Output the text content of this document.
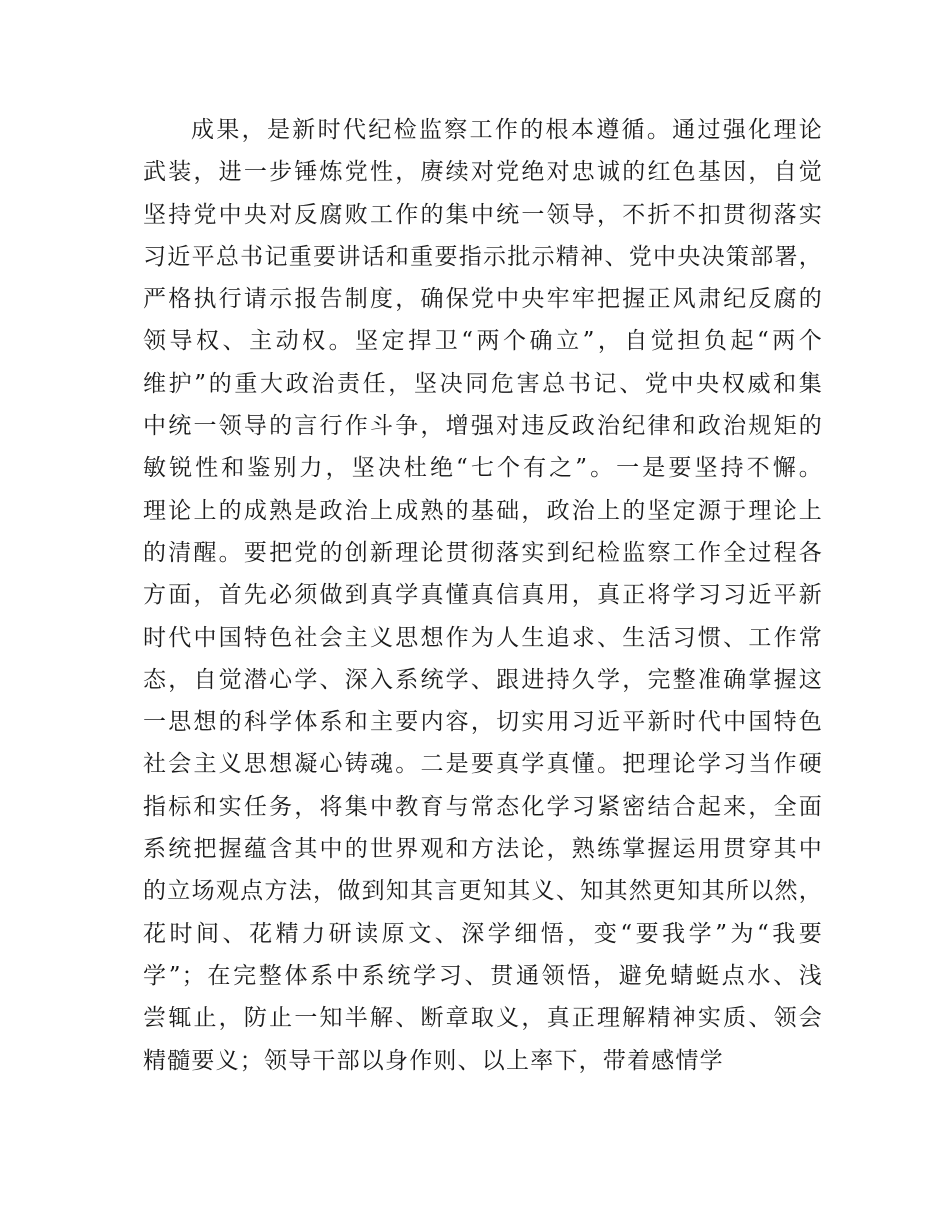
成果，是新时代纪检监察工作的根本遵循。通过强化理论
武装，进一步锤炼党性，赓续对党绝对忠诚的红色基因，自觉
坚持党中央对反腐败工作的集中统一领导，不折不扣贯彻落实
习近平总书记重要讲话和重要指示批示精神、党中央决策部署，
严格执行请示报告制度，确保党中央牢牢把握正风肃纪反腐的
领导权、主动权。坚定捍卫“两个确立”，自觉担负起“两个
维护”的重大政治责任，坚决同危害总书记、党中央权威和集
中统一领导的言行作斗争，增强对违反政治纪律和政治规矩的
敏锐性和鉴别力，坚决杜绝“七个有之”。一是要坚持不懈。
理论上的成熟是政治上成熟的基础，政治上的坚定源于理论上
的清醒。要把党的创新理论贯彻落实到纪检监察工作全过程各
方面，首先必须做到真学真懂真信真用，真正将学习习近平新
时代中国特色社会主义思想作为人生追求、生活习惯、工作常
态，自觉潜心学、深入系统学、跟进持久学，完整准确掌握这
一思想的科学体系和主要内容，切实用习近平新时代中国特色
社会主义思想凝心铸魂。二是要真学真懂。把理论学习当作硬
指标和实任务，将集中教育与常态化学习紧密结合起来，全面
系统把握蕴含其中的世界观和方法论，熟练掌握运用贯穿其中
的立场观点方法，做到知其言更知其义、知其然更知其所以然，
花时间、花精力研读原文、深学细悟，变“要我学”为“我要
学”；在完整体系中系统学习、贯通领悟，避免蜻蜓点水、浅
尝辄止，防止一知半解、断章取义，真正理解精神实质、领会
精髓要义；领导干部以身作则、以上率下，带着感情学
